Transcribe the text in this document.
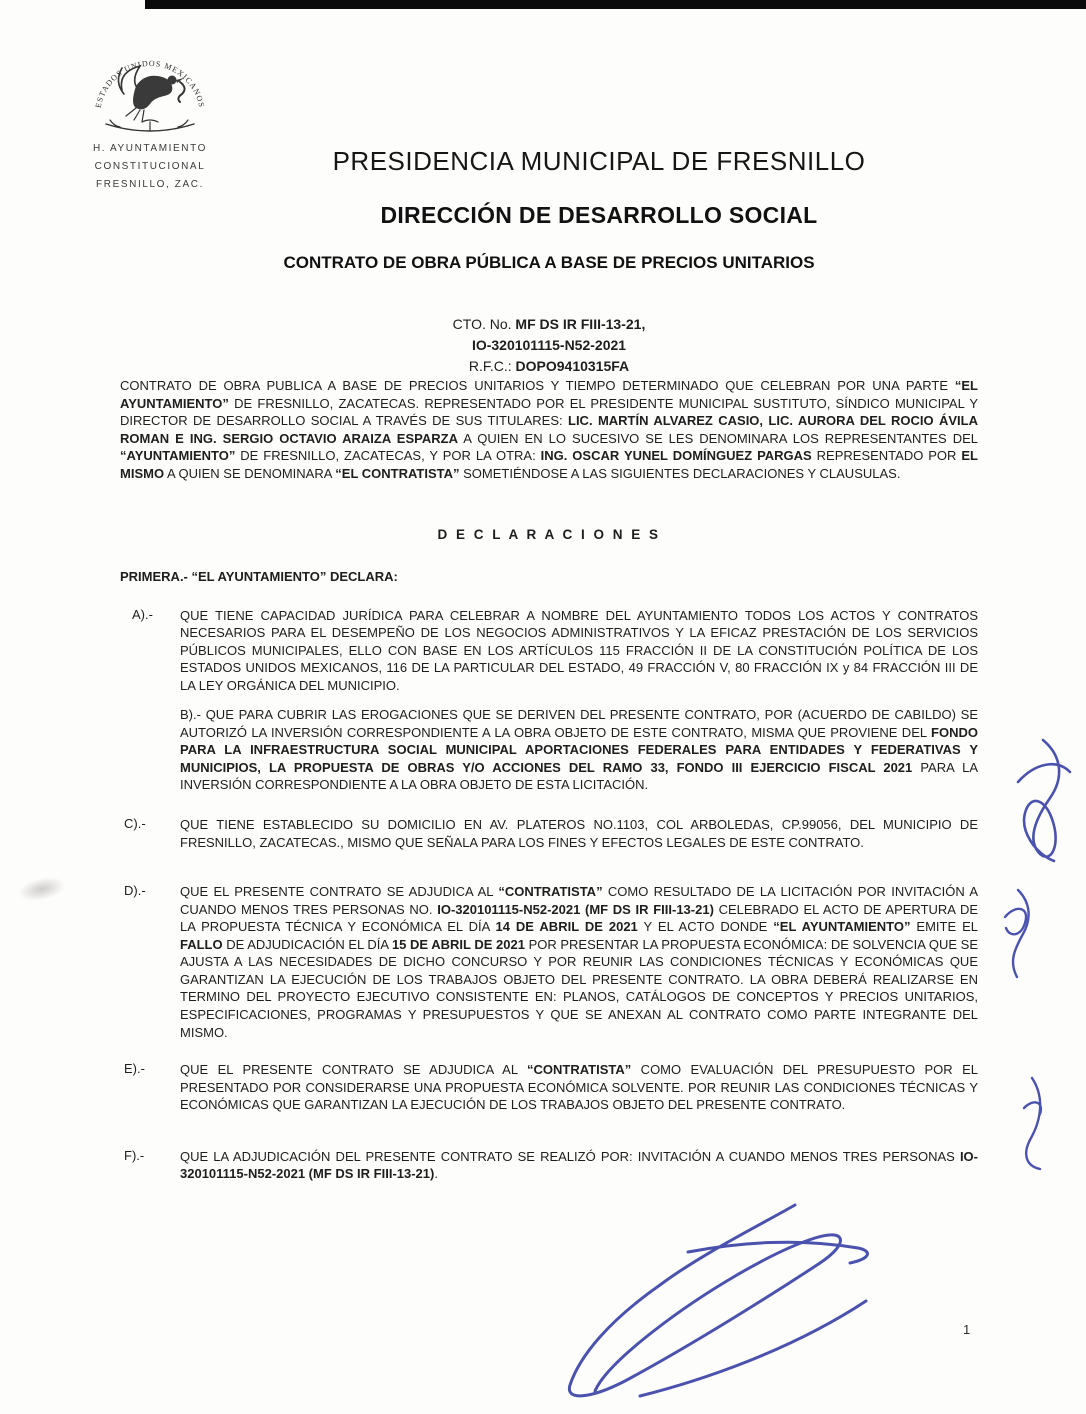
ESTADOS UNIDOS MEXICANOS
H. AYUNTAMIENTO
CONSTITUCIONAL
FRESNILLO, ZAC.
PRESIDENCIA MUNICIPAL DE FRESNILLO
DIRECCIÓN DE DESARROLLO SOCIAL
CONTRATO DE OBRA PÚBLICA A BASE DE PRECIOS UNITARIOS
CTO. No. MF DS IR FIII-13-21,
IO-320101115-N52-2021
R.F.C.: DOPO9410315FA

CONTRATO DE OBRA PUBLICA A BASE DE PRECIOS UNITARIOS Y TIEMPO DETERMINADO QUE CELEBRAN POR UNA PARTE “EL AYUNTAMIENTO” DE FRESNILLO, ZACATECAS. REPRESENTADO POR EL PRESIDENTE MUNICIPAL SUSTITUTO, SÍNDICO MUNICIPAL Y DIRECTOR DE DESARROLLO SOCIAL A TRAVÉS DE SUS TITULARES: LIC. MARTÍN ALVAREZ CASIO, LIC. AURORA DEL ROCIO ÁVILA ROMAN E ING. SERGIO OCTAVIO ARAIZA ESPARZA A QUIEN EN LO SUCESIVO SE LES DENOMINARA LOS REPRESENTANTES DEL “AYUNTAMIENTO” DE FRESNILLO, ZACATECAS, Y POR LA OTRA: ING. OSCAR YUNEL DOMÍNGUEZ PARGAS REPRESENTADO POR EL MISMO A QUIEN SE DENOMINARA “EL CONTRATISTA” SOMETIÉNDOSE A LAS SIGUIENTES DECLARACIONES Y CLAUSULAS.

D E C L A R A C I O N E S
PRIMERA.- “EL AYUNTAMIENTO” DECLARA:
A).- QUE TIENE CAPACIDAD JURÍDICA PARA CELEBRAR A NOMBRE DEL AYUNTAMIENTO TODOS LOS ACTOS Y CONTRATOS NECESARIOS PARA EL DESEMPEÑO DE LOS NEGOCIOS ADMINISTRATIVOS Y LA EFICAZ PRESTACIÓN DE LOS SERVICIOS PÚBLICOS MUNICIPALES, ELLO CON BASE EN LOS ARTÍCULOS 115 FRACCIÓN II DE LA CONSTITUCIÓN POLÍTICA DE LOS ESTADOS UNIDOS MEXICANOS, 116 DE LA PARTICULAR DEL ESTADO, 49 FRACCIÓN V, 80 FRACCIÓN IX y 84 FRACCIÓN III DE LA LEY ORGÁNICA DEL MUNICIPIO.

B).- QUE PARA CUBRIR LAS EROGACIONES QUE SE DERIVEN DEL PRESENTE CONTRATO, POR (ACUERDO DE CABILDO) SE AUTORIZÓ LA INVERSIÓN CORRESPONDIENTE A LA OBRA OBJETO DE ESTE CONTRATO, MISMA QUE PROVIENE DEL FONDO PARA LA INFRAESTRUCTURA SOCIAL MUNICIPAL APORTACIONES FEDERALES PARA ENTIDADES Y FEDERATIVAS Y MUNICIPIOS, LA PROPUESTA DE OBRAS Y/O ACCIONES DEL RAMO 33, FONDO III EJERCICIO FISCAL 2021 PARA LA INVERSIÓN CORRESPONDIENTE A LA OBRA OBJETO DE ESTA LICITACIÓN.

C).-	QUE TIENE ESTABLECIDO SU DOMICILIO EN AV. PLATEROS NO.1103, COL ARBOLEDAS, CP.99056, DEL MUNICIPIO DE FRESNILLO, ZACATECAS., MISMO QUE SEÑALA PARA LOS FINES Y EFECTOS LEGALES DE ESTE CONTRATO.

D).-	QUE EL PRESENTE CONTRATO SE ADJUDICA AL “CONTRATISTA” COMO RESULTADO DE LA LICITACIÓN POR INVITACIÓN A CUANDO MENOS TRES PERSONAS NO. IO-320101115-N52-2021 (MF DS IR FIII-13-21) CELEBRADO EL ACTO DE APERTURA DE LA PROPUESTA TÉCNICA Y ECONÓMICA EL DÍA 14 DE ABRIL DE 2021 Y EL ACTO DONDE “EL AYUNTAMIENTO” EMITE EL FALLO DE ADJUDICACIÓN EL DÍA 15 DE ABRIL DE 2021 POR PRESENTAR LA PROPUESTA ECONÓMICA: DE SOLVENCIA QUE SE AJUSTA A LAS NECESIDADES DE DICHO CONCURSO Y POR REUNIR LAS CONDICIONES TÉCNICAS Y ECONÓMICAS QUE GARANTIZAN LA EJECUCIÓN DE LOS TRABAJOS OBJETO DEL PRESENTE CONTRATO. LA OBRA DEBERÁ REALIZARSE EN TERMINO DEL PROYECTO EJECUTIVO CONSISTENTE EN: PLANOS, CATÁLOGOS DE CONCEPTOS Y PRECIOS UNITARIOS, ESPECIFICACIONES, PROGRAMAS Y PRESUPUESTOS Y QUE SE ANEXAN AL CONTRATO COMO PARTE INTEGRANTE DEL MISMO.

E).-	QUE EL PRESENTE CONTRATO SE ADJUDICA AL “CONTRATISTA” COMO EVALUACIÓN DEL PRESUPUESTO POR EL PRESENTADO POR CONSIDERARSE UNA PROPUESTA ECONÓMICA SOLVENTE. POR REUNIR LAS CONDICIONES TÉCNICAS Y ECONÓMICAS QUE GARANTIZAN LA EJECUCIÓN DE LOS TRABAJOS OBJETO DEL PRESENTE CONTRATO.

F).-	QUE LA ADJUDICACIÓN DEL PRESENTE CONTRATO SE REALIZÓ POR: INVITACIÓN A CUANDO MENOS TRES PERSONAS IO-320101115-N52-2021 (MF DS IR FIII-13-21).

1
